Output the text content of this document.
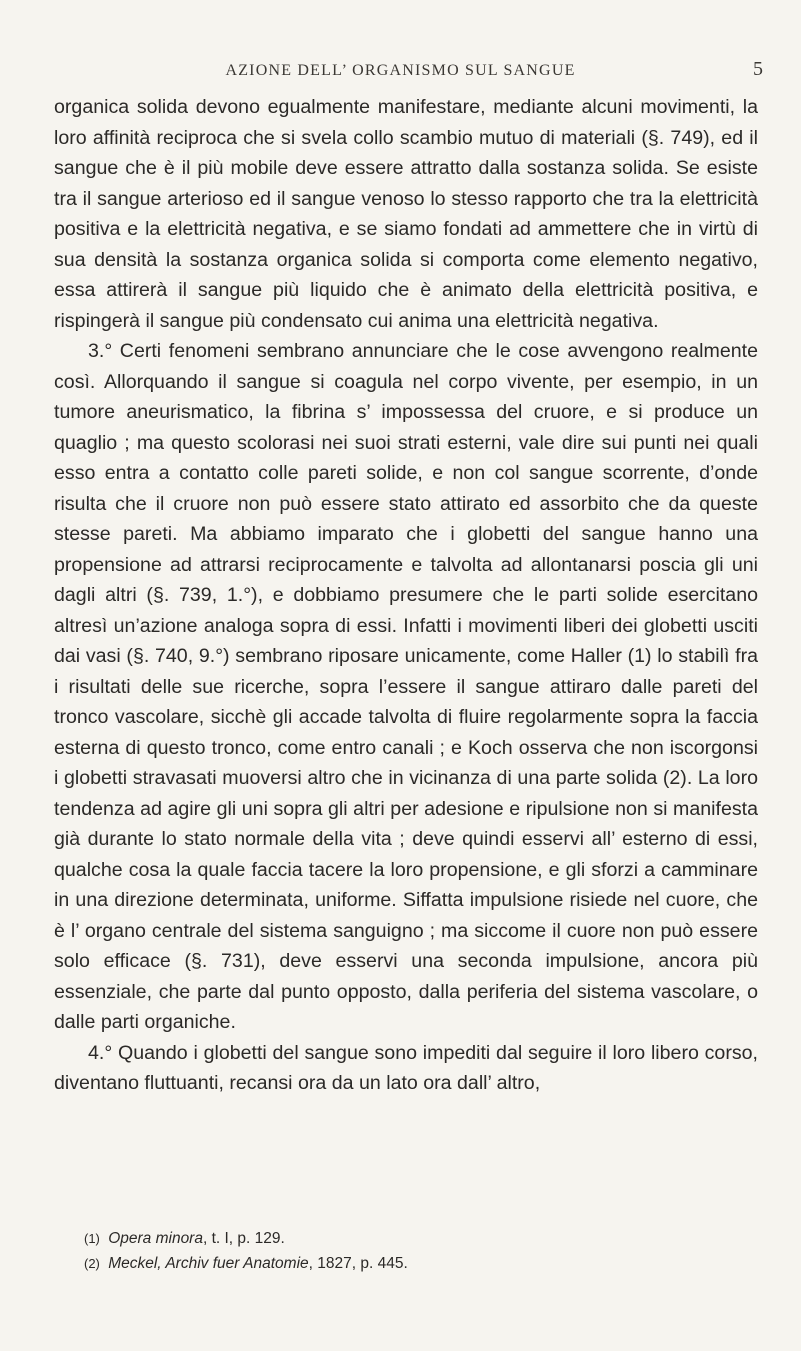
AZIONE DELL’ ORGANISMO SUL SANGUE	5

organica solida devono egualmente manifestare, mediante alcuni movimenti, la loro affinità reciproca che si svela collo scambio mutuo di materiali (§. 749), ed il sangue che è il più mobile deve essere attratto dalla sostanza solida. Se esiste tra il sangue arterioso ed il sangue venoso lo stesso rapporto che tra la elettricità positiva e la elettricità negativa, e se siamo fondati ad ammettere che in virtù di sua densità la sostanza organica solida si comporta come elemento negativo, essa attirerà il sangue più liquido che è animato della elettricità positiva, e rispingerà il sangue più condensato cui anima una elettricità negativa.

3.° Certi fenomeni sembrano annunciare che le cose avvengono realmente così. Allorquando il sangue si coagula nel corpo vivente, per esempio, in un tumore aneurismatico, la fibrina s’ impossessa del cruore, e si produce un quaglio ; ma questo scolorasi nei suoi strati esterni, vale dire sui punti nei quali esso entra a contatto colle pareti solide, e non col sangue scorrente, d’onde risulta che il cruore non può essere stato attirato ed assorbito che da queste stesse pareti. Ma abbiamo imparato che i globetti del sangue hanno una propensione ad attrarsi reciprocamente e talvolta ad allontanarsi poscia gli uni dagli altri (§. 739, 1.°), e dobbiamo presumere che le parti solide esercitano altresì un’azione analoga sopra di essi. Infatti i movimenti liberi dei globetti usciti dai vasi (§. 740, 9.°) sembrano riposare unicamente, come Haller (1) lo stabilì fra i risultati delle sue ricerche, sopra l’essere il sangue attiraro dalle pareti del tronco vascolare, sicchè gli accade talvolta di fluire regolarmente sopra la faccia esterna di questo tronco, come entro canali ; e Koch osserva che non iscorgonsi i globetti stravasati muoversi altro che in vicinanza di una parte solida (2). La loro tendenza ad agire gli uni sopra gli altri per adesione e ripulsione non si manifesta già durante lo stato normale della vita ; deve quindi esservi all’ esterno di essi, qualche cosa la quale faccia tacere la loro propensione, e gli sforzi a camminare in una direzione determinata, uniforme. Siffatta impulsione risiede nel cuore, che è l’ organo centrale del sistema sanguigno ; ma siccome il cuore non può essere solo efficace (§. 731), deve esservi una seconda impulsione, ancora più essenziale, che parte dal punto opposto, dalla periferia del sistema vascolare, o dalle parti organiche.

4.° Quando i globetti del sangue sono impediti dal seguire il loro libero corso, diventano fluttuanti, recansi ora da un lato ora dall’ altro,

(1) Opera minora, t. I, p. 129.

(2) Meckel, Archiv fuer Anatomie, 1827, p. 445.
